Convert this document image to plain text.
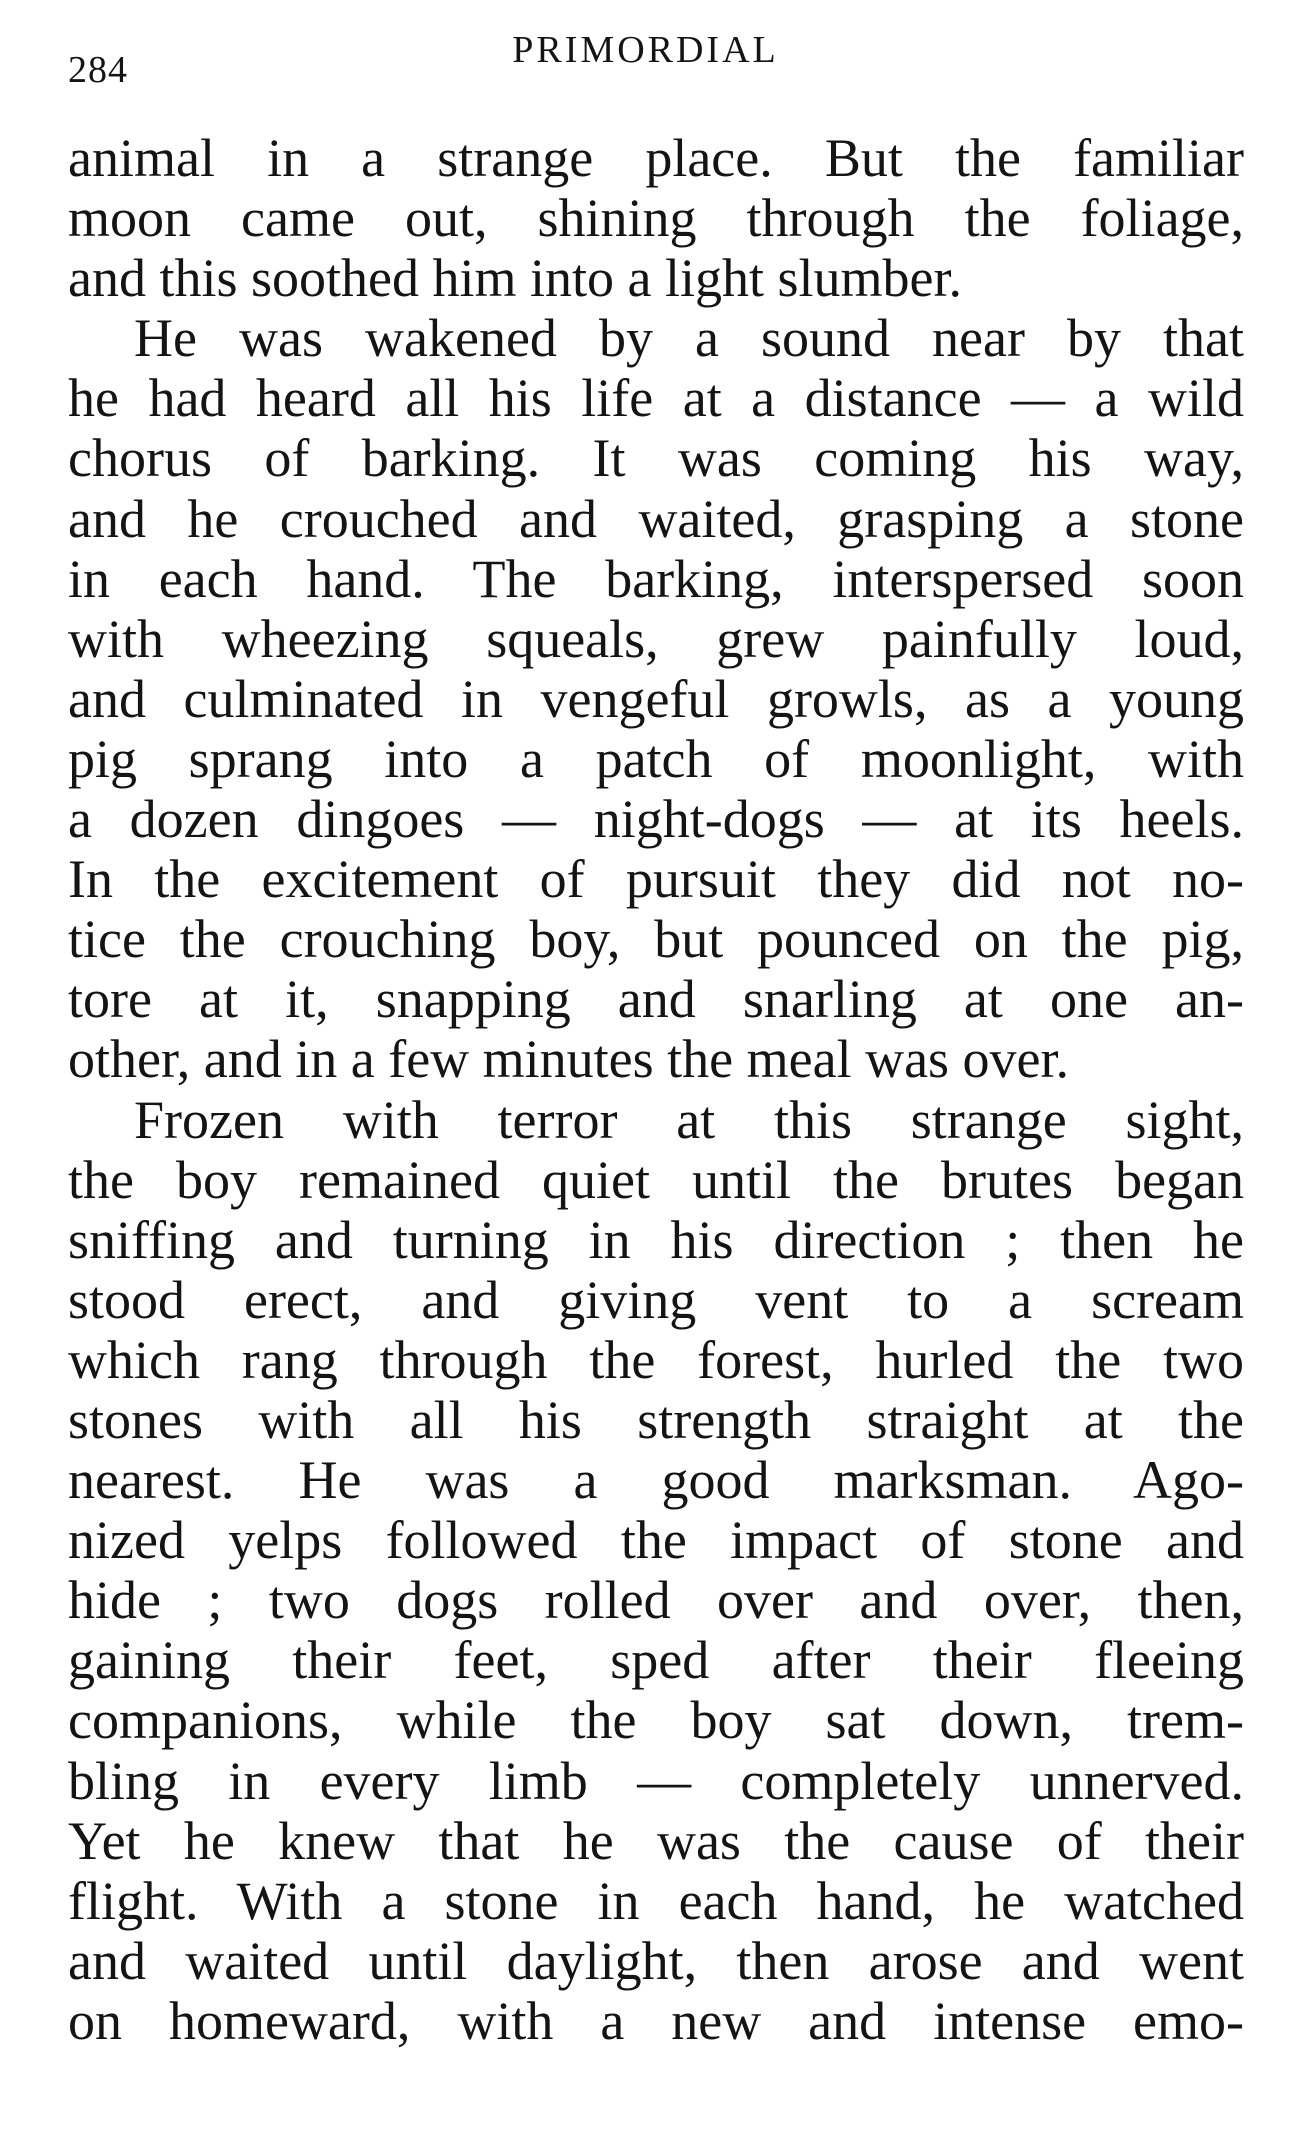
284	PRIMORDIAL
animal in a strange place. But the familiar
moon came out, shining through the foliage,
and this soothed him into a light slumber.
He was wakened by a sound near by that
he had heard all his life at a distance — a wild
chorus of barking. It was coming his way,
and he crouched and waited, grasping a stone
in each hand. The barking, interspersed soon
with wheezing squeals, grew painfully loud,
and culminated in vengeful growls, as a young
pig sprang into a patch of moonlight, with
a dozen dingoes — night-dogs — at its heels.
In the excitement of pursuit they did not no-
tice the crouching boy, but pounced on the pig,
tore at it, snapping and snarling at one an-
other, and in a few minutes the meal was over.
Frozen with terror at this strange sight,
the boy remained quiet until the brutes began
sniffing and turning in his direction ; then he
stood erect, and giving vent to a scream
which rang through the forest, hurled the two
stones with all his strength straight at the
nearest. He was a good marksman. Ago-
nized yelps followed the impact of stone and
hide ; two dogs rolled over and over, then,
gaining their feet, sped after their fleeing
companions, while the boy sat down, trem-
bling in every limb — completely unnerved.
Yet he knew that he was the cause of their
flight. With a stone in each hand, he watched
and waited until daylight, then arose and went
on homeward, with a new and intense emo-
